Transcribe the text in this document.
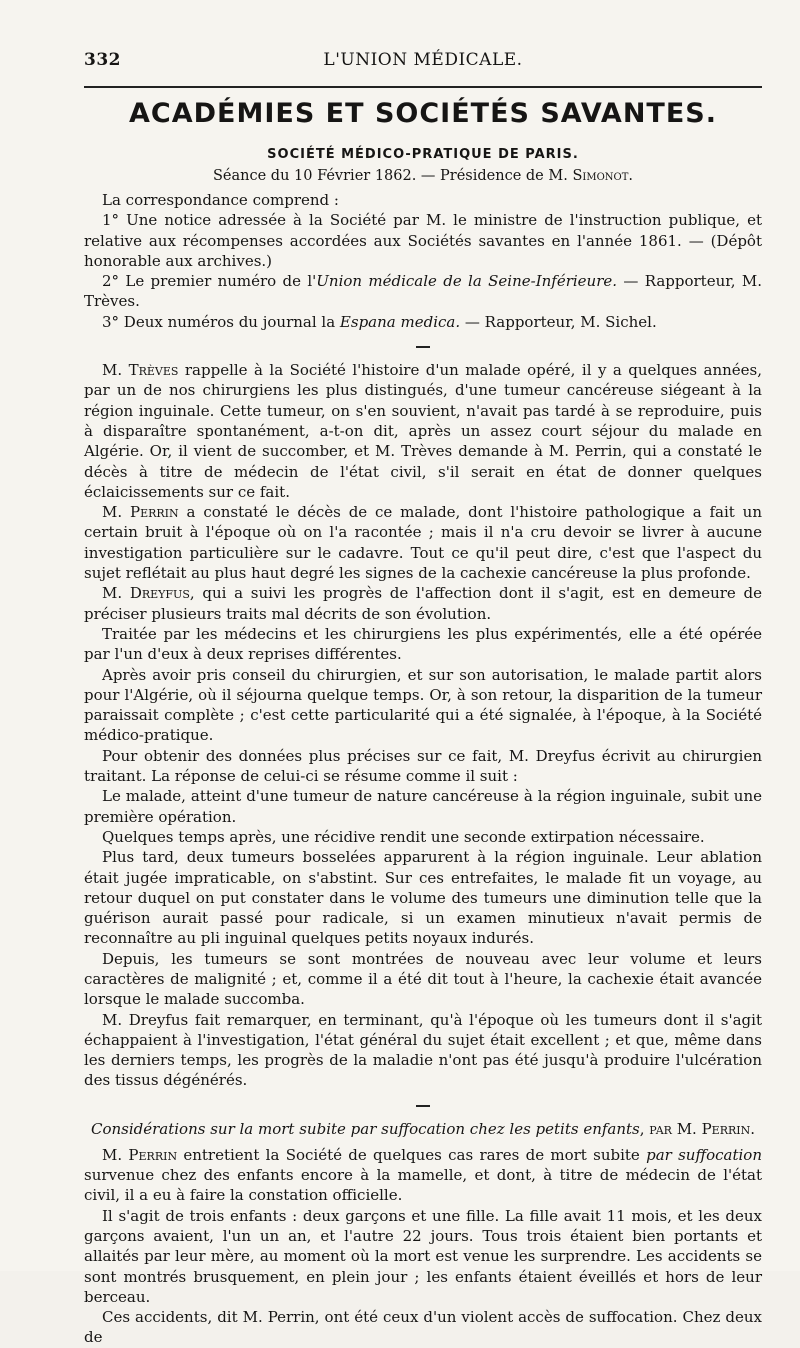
332	L'UNION MÉDICALE.
ACADÉMIES ET SOCIÉTÉS SAVANTES.
SOCIÉTÉ MÉDICO-PRATIQUE DE PARIS.
Séance du 10 Février 1862. — Présidence de M. Simonot.

La correspondance comprend :

1° Une notice adressée à la Société par M. le ministre de l'instruction publique, et relative aux récompenses accordées aux Sociétés savantes en l'année 1861. — (Dépôt honorable aux archives.)

2° Le premier numéro de l'Union médicale de la Seine-Inférieure. — Rapporteur, M. Trèves.

3° Deux numéros du journal la Espana medica. — Rapporteur, M. Sichel.

M. Trèves rappelle à la Société l'histoire d'un malade opéré, il y a quelques années, par un de nos chirurgiens les plus distingués, d'une tumeur cancéreuse siégeant à la région inguinale. Cette tumeur, on s'en souvient, n'avait pas tardé à se reproduire, puis à disparaître spontanément, a-t-on dit, après un assez court séjour du malade en Algérie. Or, il vient de succomber, et M. Trèves demande à M. Perrin, qui a constaté le décès à titre de médecin de l'état civil, s'il serait en état de donner quelques éclaicissements sur ce fait.

M. Perrin a constaté le décès de ce malade, dont l'histoire pathologique a fait un certain bruit à l'époque où on l'a racontée ; mais il n'a cru devoir se livrer à aucune investigation particulière sur le cadavre. Tout ce qu'il peut dire, c'est que l'aspect du sujet reflétait au plus haut degré les signes de la cachexie cancéreuse la plus profonde.

M. Dreyfus, qui a suivi les progrès de l'affection dont il s'agit, est en demeure de préciser plusieurs traits mal décrits de son évolution.

Traitée par les médecins et les chirurgiens les plus expérimentés, elle a été opérée par l'un d'eux à deux reprises différentes.

Après avoir pris conseil du chirurgien, et sur son autorisation, le malade partit alors pour l'Algérie, où il séjourna quelque temps. Or, à son retour, la disparition de la tumeur paraissait complète ; c'est cette particularité qui a été signalée, à l'époque, à la Société médico-pratique.

Pour obtenir des données plus précises sur ce fait, M. Dreyfus écrivit au chirurgien traitant. La réponse de celui-ci se résume comme il suit :

Le malade, atteint d'une tumeur de nature cancéreuse à la région inguinale, subit une première opération.

Quelques temps après, une récidive rendit une seconde extirpation nécessaire.

Plus tard, deux tumeurs bosselées apparurent à la région inguinale. Leur ablation était jugée impraticable, on s'abstint. Sur ces entrefaites, le malade fit un voyage, au retour duquel on put constater dans le volume des tumeurs une diminution telle que la guérison aurait passé pour radicale, si un examen minutieux n'avait permis de reconnaître au pli inguinal quelques petits noyaux indurés.

Depuis, les tumeurs se sont montrées de nouveau avec leur volume et leurs caractères de malignité ; et, comme il a été dit tout à l'heure, la cachexie était avancée lorsque le malade succomba.

M. Dreyfus fait remarquer, en terminant, qu'à l'époque où les tumeurs dont il s'agit échappaient à l'investigation, l'état général du sujet était excellent ; et que, même dans les derniers temps, les progrès de la maladie n'ont pas été jusqu'à produire l'ulcération des tissus dégénérés.

Considérations sur la mort subite par suffocation chez les petits enfants, par M. Perrin.

M. Perrin entretient la Société de quelques cas rares de mort subite par suffocation survenue chez des enfants encore à la mamelle, et dont, à titre de médecin de l'état civil, il a eu à faire la constation officielle.

Il s'agit de trois enfants : deux garçons et une fille. La fille avait 11 mois, et les deux garçons avaient, l'un un an, et l'autre 22 jours. Tous trois étaient bien portants et allaités par leur mère, au moment où la mort est venue les surprendre. Les accidents se sont montrés brusquement, en plein jour ; les enfants étaient éveillés et hors de leur berceau.

Ces accidents, dit M. Perrin, ont été ceux d'un violent accès de suffocation. Chez deux de
